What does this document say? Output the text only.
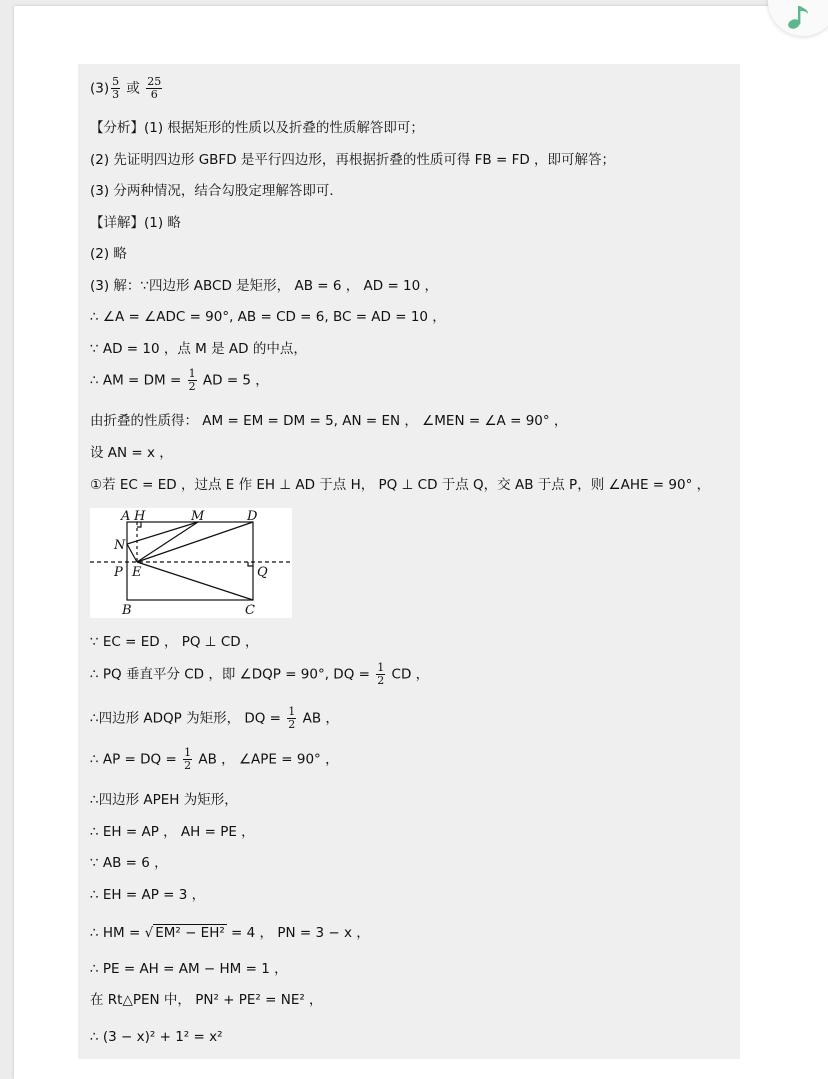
$(3) \frac{5}{3}$ 或 $\frac{25}{6}$
【分析】(1) 根据矩形的性质以及折叠的性质解答即可；
(2) 先证明四边形 GBFD 是平行四边形，再根据折叠的性质可得 FB = FD ，即可解答；
(3) 分两种情况，结合勾股定理解答即可．
【详解】(1) 略
(2) 略
(3) 解：∵四边形 ABCD 是矩形， AB = 6 ， AD = 10 ，
∴ ∠A = ∠ADC = 90°, AB = CD = 6, BC = AD = 10 ，
∵ AD = 10 ，点 M 是 AD 的中点，
∴ AM = DM = $\frac{1}{2}$ AD = 5 ，
由折叠的性质得： AM = EM = DM = 5, AN = EN ， ∠MEN = ∠A = 90° ，
设 AN = x ，
①若 EC = ED ，过点 E 作 EH ⊥ AD 于点 H， PQ ⊥ CD 于点 Q，交 AB 于点 P，则 ∠AHE = 90° ，
A H	M	D
N
P E	Q
B	C
∵ EC = ED ， PQ ⊥ CD ，
∴ PQ 垂直平分 CD ，即 ∠DQP = 90°, DQ = $\frac{1}{2}$ CD ，
∴四边形 ADQP 为矩形， DQ = $\frac{1}{2}$ AB ，
∴ AP = DQ = $\frac{1}{2}$ AB ， ∠APE = 90° ，
∴四边形 APEH 为矩形，
∴ EH = AP ， AH = PE ，
∵ AB = 6 ，
∴ EH = AP = 3 ，
∴ HM = √ EM² − EH² = 4 ， PN = 3 − x ，
∴ PE = AH = AM − HM = 1 ，
在 Rt△PEN 中， PN² + PE² = NE² ，
∴ (3 − x)² + 1² = x²
